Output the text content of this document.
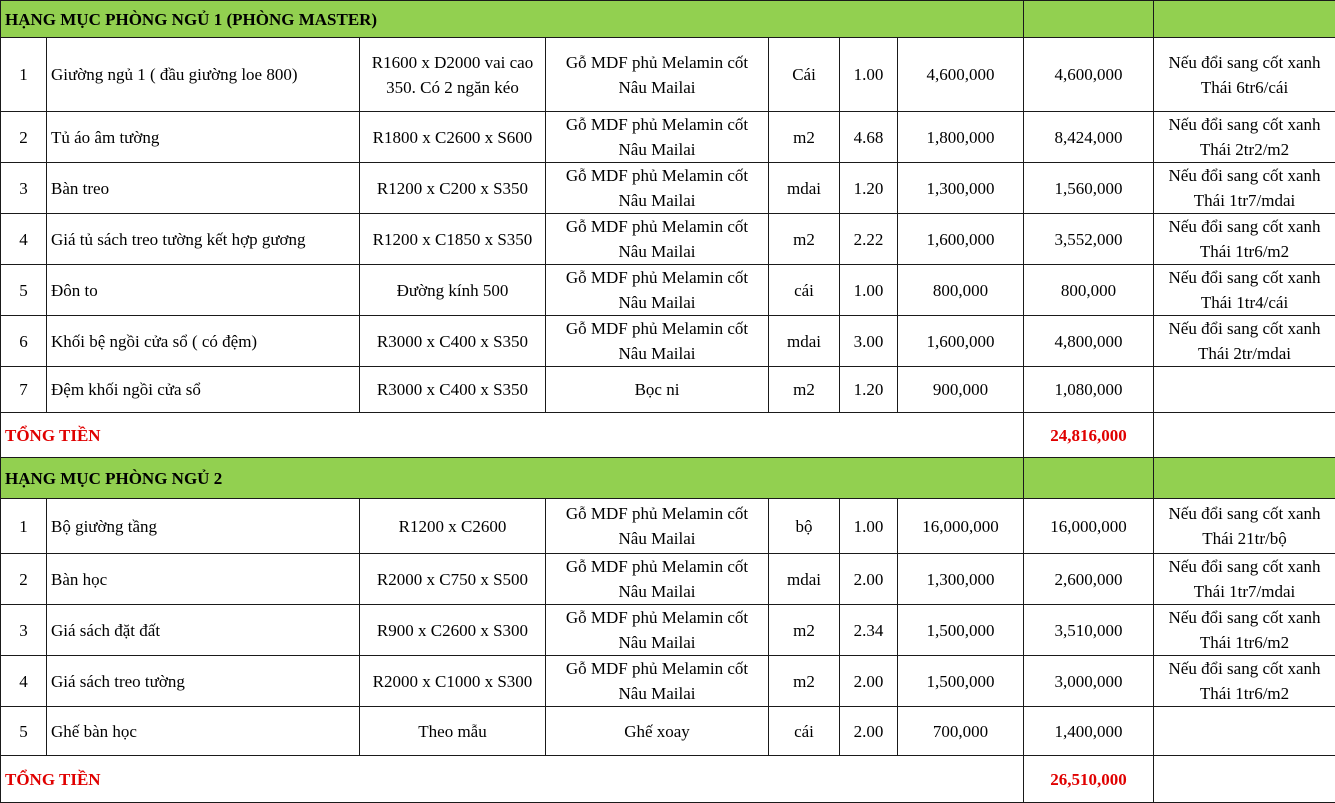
HẠNG MỤC PHÒNG NGỦ 1 (PHÒNG MASTER)								
1	Giường ngủ 1 ( đầu giường loe 800)	R1600 x D2000 vai cao 350. Có 2 ngăn kéo	Gỗ MDF phủ Melamin cốt Nâu Mailai	Cái	1.00	4,600,000	4,600,000	Nếu đổi sang cốt xanh Thái 6tr6/cái
2	Tủ áo âm tường	R1800 x C2600 x S600	Gỗ MDF phủ Melamin cốt Nâu Mailai	m2	4.68	1,800,000	8,424,000	Nếu đổi sang cốt xanh Thái 2tr2/m2
3	Bàn treo	R1200 x C200 x S350	Gỗ MDF phủ Melamin cốt Nâu Mailai	mdai	1.20	1,300,000	1,560,000	Nếu đổi sang cốt xanh Thái 1tr7/mdai
4	Giá tủ sách treo tường kết hợp gương	R1200 x C1850 x S350	Gỗ MDF phủ Melamin cốt Nâu Mailai	m2	2.22	1,600,000	3,552,000	Nếu đổi sang cốt xanh Thái 1tr6/m2
5	Đôn to	Đường kính 500	Gỗ MDF phủ Melamin cốt Nâu Mailai	cái	1.00	800,000	800,000	Nếu đổi sang cốt xanh Thái 1tr4/cái
6	Khối bệ ngồi cửa sổ ( có đệm)	R3000 x C400 x S350	Gỗ MDF phủ Melamin cốt Nâu Mailai	mdai	3.00	1,600,000	4,800,000	Nếu đổi sang cốt xanh Thái 2tr/mdai
7	Đệm khối ngồi cửa sổ	R3000 x C400 x S350	Bọc ni	m2	1.20	900,000	1,080,000	
TỔNG TIỀN							24,816,000	
HẠNG MỤC PHÒNG NGỦ 2								
1	Bộ giường tầng	R1200 x C2600	Gỗ MDF phủ Melamin cốt Nâu Mailai	bộ	1.00	16,000,000	16,000,000	Nếu đổi sang cốt xanh Thái 21tr/bộ
2	Bàn học	R2000 x C750 x S500	Gỗ MDF phủ Melamin cốt Nâu Mailai	mdai	2.00	1,300,000	2,600,000	Nếu đổi sang cốt xanh Thái 1tr7/mdai
3	Giá sách đặt đất	R900 x C2600 x S300	Gỗ MDF phủ Melamin cốt Nâu Mailai	m2	2.34	1,500,000	3,510,000	Nếu đổi sang cốt xanh Thái 1tr6/m2
4	Giá sách treo tường	R2000 x C1000 x S300	Gỗ MDF phủ Melamin cốt Nâu Mailai	m2	2.00	1,500,000	3,000,000	Nếu đổi sang cốt xanh Thái 1tr6/m2
5	Ghế bàn học	Theo mẫu	Ghế xoay	cái	2.00	700,000	1,400,000	
TỔNG TIỀN							26,510,000	
